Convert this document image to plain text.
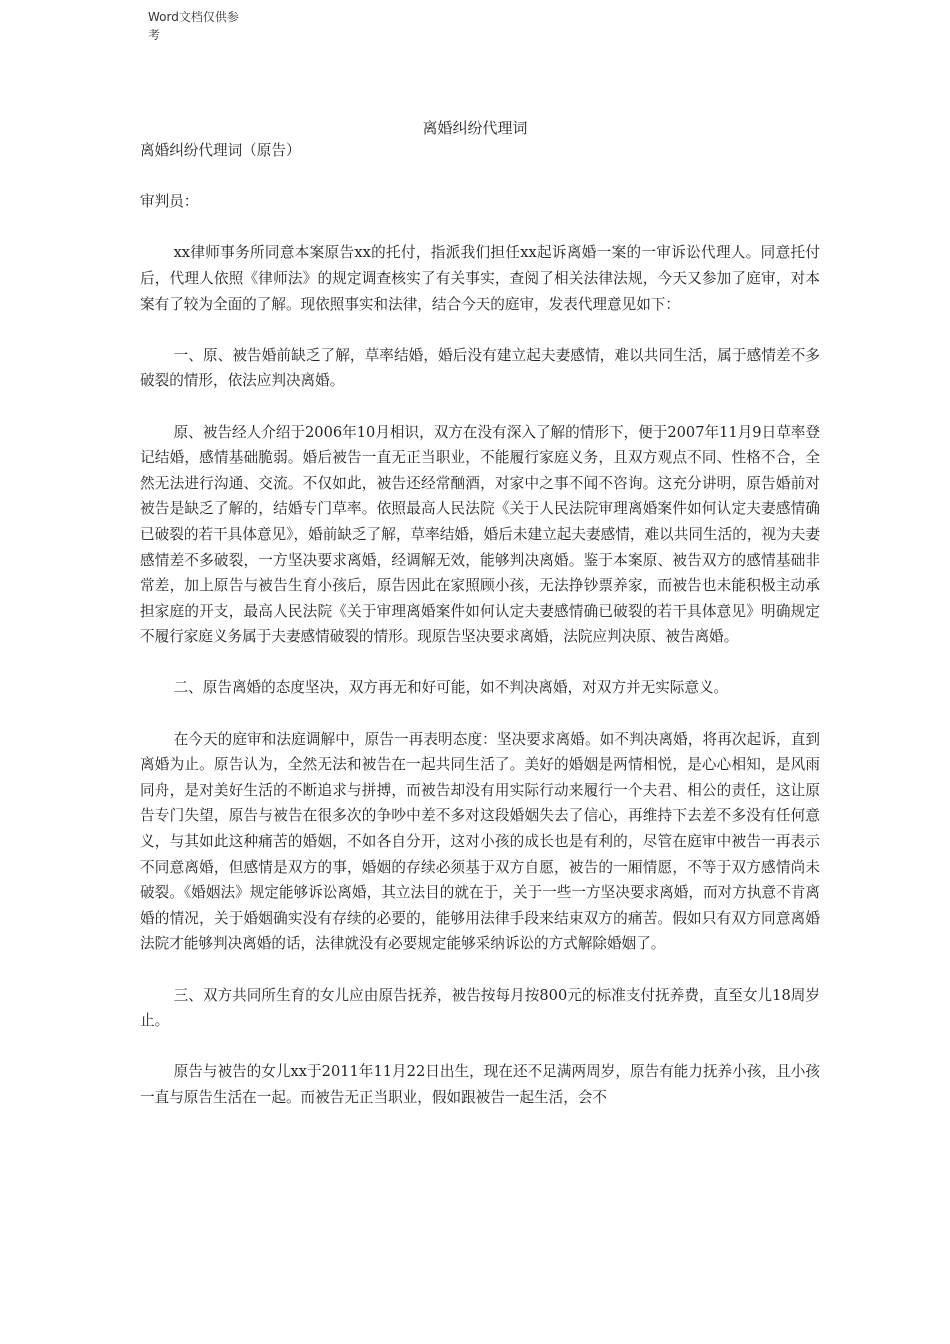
Word文档仅供参考
离婚纠纷代理词

离婚纠纷代理词（原告）

审判员：

xx律师事务所同意本案原告xx的托付，指派我们担任xx起诉离婚一案的一审诉讼代理人。同意托付后，代理人依照《律师法》的规定调查核实了有关事实，查阅了相关法律法规，今天又参加了庭审，对本案有了较为全面的了解。现依照事实和法律，结合今天的庭审，发表代理意见如下：

一、原、被告婚前缺乏了解，草率结婚，婚后没有建立起夫妻感情，难以共同生活，属于感情差不多破裂的情形，依法应判决离婚。

原、被告经人介绍于2006年10月相识，双方在没有深入了解的情形下，便于2007年11月9日草率登记结婚，感情基础脆弱。婚后被告一直无正当职业，不能履行家庭义务，且双方观点不同、性格不合，全然无法进行沟通、交流。不仅如此，被告还经常酗酒，对家中之事不闻不咨询。这充分讲明，原告婚前对被告是缺乏了解的，结婚专门草率。依照最高人民法院《关于人民法院审理离婚案件如何认定夫妻感情确已破裂的若干具体意见》，婚前缺乏了解，草率结婚，婚后未建立起夫妻感情，难以共同生活的，视为夫妻感情差不多破裂，一方坚决要求离婚，经调解无效，能够判决离婚。鉴于本案原、被告双方的感情基础非常差，加上原告与被告生育小孩后，原告因此在家照顾小孩，无法挣钞票养家，而被告也未能积极主动承担家庭的开支，最高人民法院《关于审理离婚案件如何认定夫妻感情确已破裂的若干具体意见》明确规定不履行家庭义务属于夫妻感情破裂的情形。现原告坚决要求离婚，法院应判决原、被告离婚。

二、原告离婚的态度坚决，双方再无和好可能，如不判决离婚，对双方并无实际意义。

在今天的庭审和法庭调解中，原告一再表明态度：坚决要求离婚。如不判决离婚，将再次起诉，直到离婚为止。原告认为，全然无法和被告在一起共同生活了。美好的婚姻是两情相悦，是心心相知，是风雨同舟，是对美好生活的不断追求与拼搏，而被告却没有用实际行动来履行一个夫君、相公的责任，这让原告专门失望，原告与被告在很多次的争吵中差不多对这段婚姻失去了信心，再维持下去差不多没有任何意义，与其如此这种痛苦的婚姻，不如各自分开，这对小孩的成长也是有利的，尽管在庭审中被告一再表示不同意离婚，但感情是双方的事，婚姻的存续必须基于双方自愿，被告的一厢情愿，不等于双方感情尚未破裂。《婚姻法》规定能够诉讼离婚，其立法目的就在于，关于一些一方坚决要求离婚，而对方执意不肯离婚的情况，关于婚姻确实没有存续的必要的，能够用法律手段来结束双方的痛苦。假如只有双方同意离婚法院才能够判决离婚的话，法律就没有必要规定能够采纳诉讼的方式解除婚姻了。

三、双方共同所生育的女儿应由原告抚养，被告按每月按800元的标准支付抚养费，直至女儿18周岁止。

原告与被告的女儿xx于2011年11月22日出生，现在还不足满两周岁，原告有能力抚养小孩，且小孩一直与原告生活在一起。而被告无正当职业，假如跟被告一起生活，会不
